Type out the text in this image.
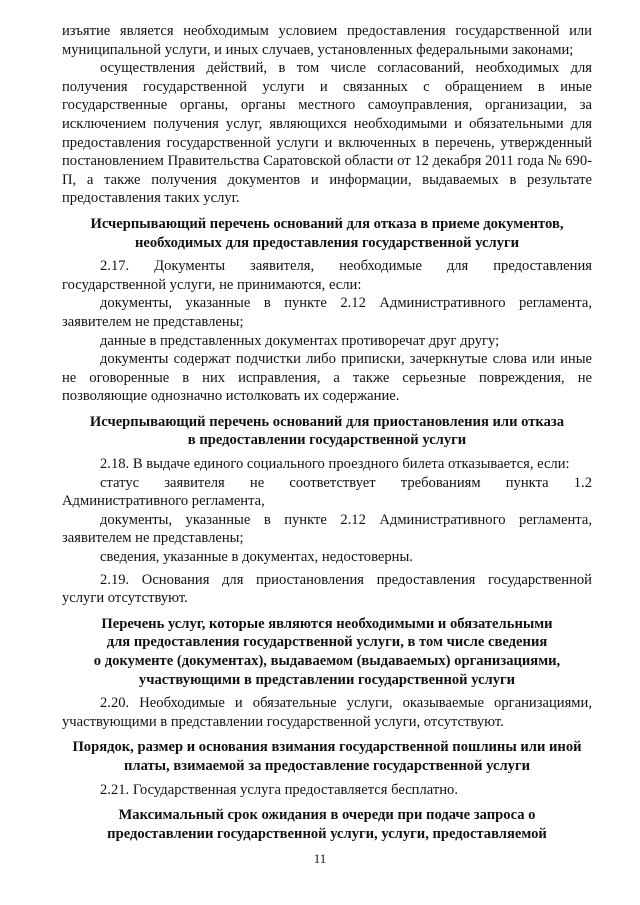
изъятие является необходимым условием предоставления государственной или муниципальной услуги, и иных случаев, установленных федеральными законами;

осуществления действий, в том числе согласований, необходимых для получения государственной услуги и связанных с обращением в иные государственные органы, органы местного самоуправления, организации, за исключением получения услуг, являющихся необходимыми и обязательными для предоставления государственной услуги и включенных в перечень, утвержденный постановлением Правительства Саратовской области от 12 декабря 2011 года № 690-П, а также получения документов и информации, выдаваемых в результате предоставления таких услуг.

Исчерпывающий перечень оснований для отказа в приеме документов,
необходимых для предоставления государственной услуги

2.17. Документы заявителя, необходимые для предоставления государственной услуги, не принимаются, если:

документы, указанные в пункте 2.12 Административного регламента, заявителем не представлены;

данные в представленных документах противоречат друг другу;

документы содержат подчистки либо приписки, зачеркнутые слова или иные не оговоренные в них исправления, а также серьезные повреждения, не позволяющие однозначно истолковать их содержание.

Исчерпывающий перечень оснований для приостановления или отказа
в предоставлении государственной услуги

2.18. В выдаче единого социального проездного билета отказывается, если:

статус заявителя не соответствует требованиям пункта 1.2 Административного регламента,

документы, указанные в пункте 2.12 Административного регламента, заявителем не представлены;

сведения, указанные в документах, недостоверны.

2.19. Основания для приостановления предоставления государственной услуги отсутствуют.

Перечень услуг, которые являются необходимыми и обязательными
для предоставления государственной услуги, в том числе сведения
о документе (документах), выдаваемом (выдаваемых) организациями,
участвующими в представлении государственной услуги

2.20. Необходимые и обязательные услуги, оказываемые организациями, участвующими в представлении государственной услуги, отсутствуют.

Порядок, размер и основания взимания государственной пошлины или иной
платы, взимаемой за предоставление государственной услуги

2.21. Государственная услуга предоставляется бесплатно.

Максимальный срок ожидания в очереди при подаче запроса о
предоставлении государственной услуги, услуги, предоставляемой
11
